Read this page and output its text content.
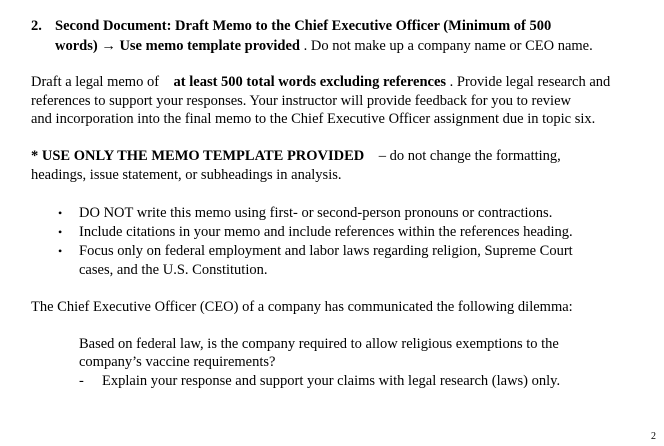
2. Second Document: Draft Memo to the Chief Executive Officer (Minimum of 500
words) → Use memo template provided . Do not make up a company name or CEO name.
Draft a legal memo of at least 500 total words excluding references . Provide legal research and
references to support your responses. Your instructor will provide feedback for you to review
and incorporation into the final memo to the Chief Executive Officer assignment due in topic six.
* USE ONLY THE MEMO TEMPLATE PROVIDED – do not change the formatting,
headings, issue statement, or subheadings in analysis.
• DO NOT write this memo using first- or second-person pronouns or contractions.
• Include citations in your memo and include references within the references heading.
• Focus only on federal employment and labor laws regarding religion, Supreme Court
cases, and the U.S. Constitution.
The Chief Executive Officer (CEO) of a company has communicated the following dilemma:
Based on federal law, is the company required to allow religious exemptions to the
company’s vaccine requirements?
- Explain your response and support your claims with legal research (laws) only.
2
